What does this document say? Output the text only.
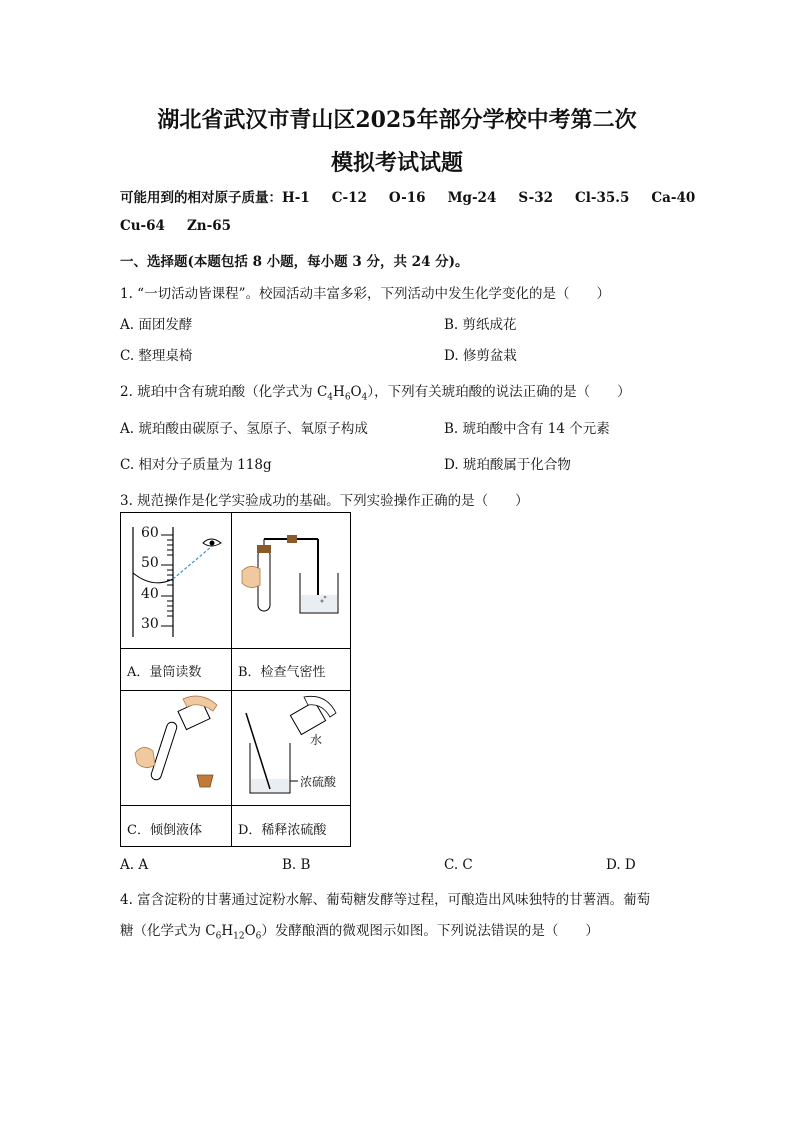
湖北省武汉市青山区2025年部分学校中考第二次
模拟考试试题
可能用到的相对原子质量：H-1 C-12 O-16 Mg-24 S-32 Cl-35.5 Ca-40
Cu-64 Zn-65
一、选择题(本题包括 8 小题，每小题 3 分，共 24 分)。
1. “一切活动皆课程”。校园活动丰富多彩，下列活动中发生化学变化的是（　　）
A. 面团发酵	B. 剪纸成花
C. 整理桌椅	D. 修剪盆栽
2. 琥珀中含有琥珀酸（化学式为 $C_4H_6O_4$），下列有关琥珀酸的说法正确的是（　　）
A. 琥珀酸由碳原子、氢原子、氧原子构成	B. 琥珀酸中含有 14 个元素
C. 相对分子质量为 118g	D. 琥珀酸属于化合物
3. 规范操作是化学实验成功的基础。下列实验操作正确的是（　　）
60
50
40
30
A．量筒读数	B．检查气密性
水
浓硫酸
C．倾倒液体	D．稀释浓硫酸
A. A	B. B	C. C	D. D
4. 富含淀粉的甘薯通过淀粉水解、葡萄糖发酵等过程，可酿造出风味独特的甘薯酒。葡萄
糖（化学式为 $C_6H_{12}O_6$）发酵酿酒的微观图示如图。下列说法错误的是（　　）
